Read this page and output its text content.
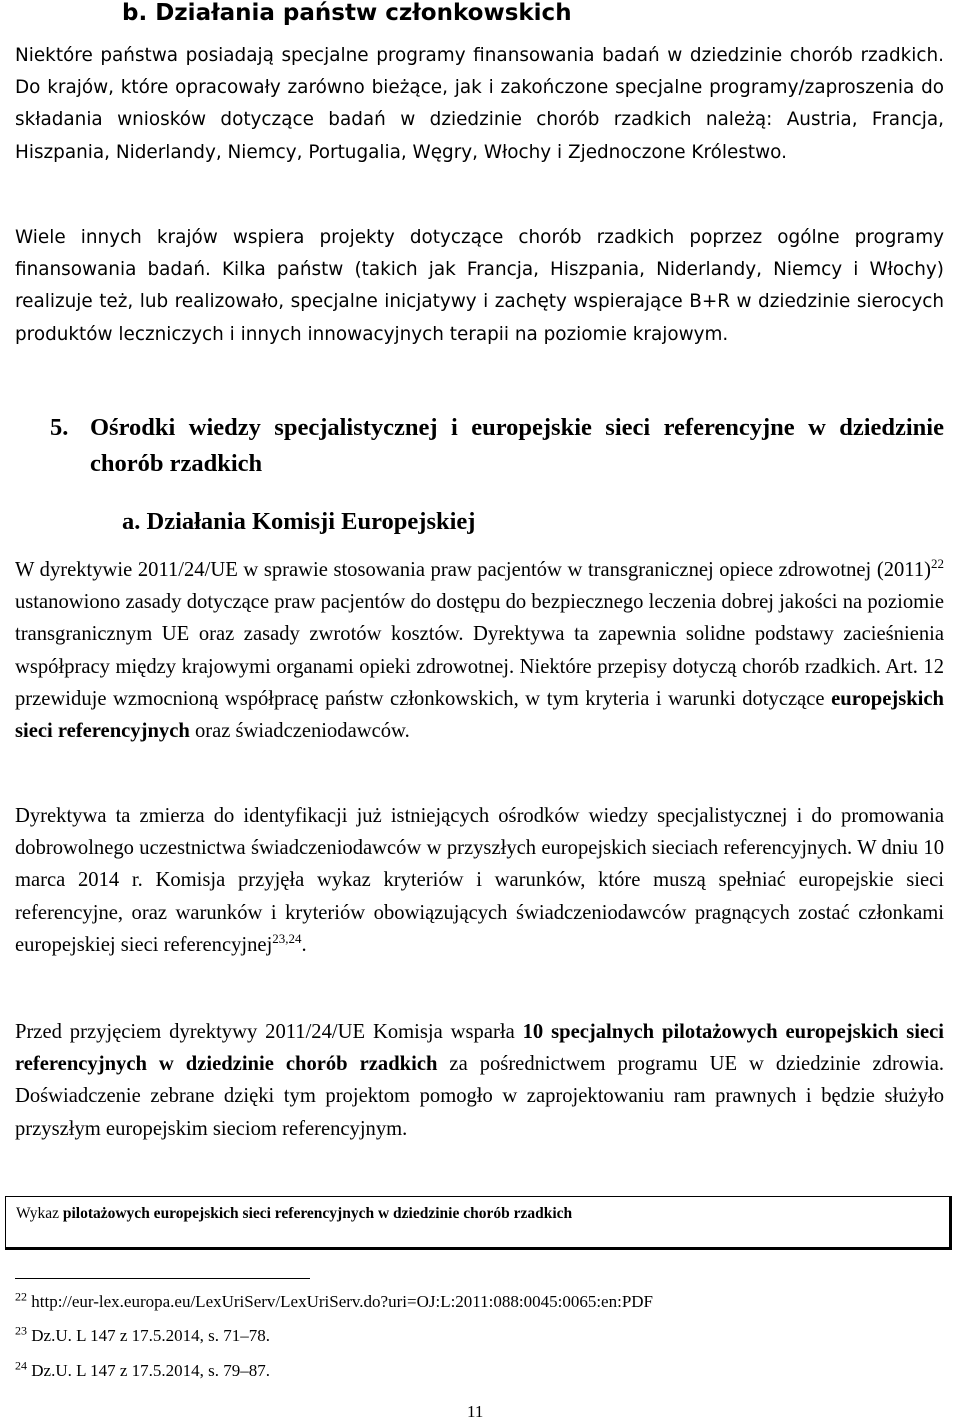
b. Działania państw członkowskich

Niektóre państwa posiadają specjalne programy finansowania badań w dziedzinie chorób rzadkich. Do krajów, które opracowały zarówno bieżące, jak i zakończone specjalne programy/zaproszenia do składania wniosków dotyczące badań w dziedzinie chorób rzadkich należą: Austria, Francja, Hiszpania, Niderlandy, Niemcy, Portugalia, Węgry, Włochy i Zjednoczone Królestwo.

Wiele innych krajów wspiera projekty dotyczące chorób rzadkich poprzez ogólne programy finansowania badań. Kilka państw (takich jak Francja, Hiszpania, Niderlandy, Niemcy i Włochy) realizuje też, lub realizowało, specjalne inicjatywy i zachęty wspierające B+R w dziedzinie sierocych produktów leczniczych i innych innowacyjnych terapii na poziomie krajowym.

5. Ośrodki wiedzy specjalistycznej i europejskie sieci referencyjne w dziedzinie chorób rzadkich
a. Działania Komisji Europejskiej

W dyrektywie 2011/24/UE w sprawie stosowania praw pacjentów w transgranicznej opiece zdrowotnej $(2011)^{22}$ ustanowiono zasady dotyczące praw pacjentów do dostępu do bezpiecznego leczenia dobrej jakości na poziomie transgranicznym UE oraz zasady zwrotów kosztów. Dyrektywa ta zapewnia solidne podstawy zacieśnienia współpracy między krajowymi organami opieki zdrowotnej. Niektóre przepisy dotyczą chorób rzadkich. Art. 12 przewiduje wzmocnioną współpracę państw członkowskich, w tym kryteria i warunki dotyczące europejskich sieci referencyjnych oraz świadczeniodawców.

Dyrektywa ta zmierza do identyfikacji już istniejących ośrodków wiedzy specjalistycznej i do promowania dobrowolnego uczestnictwa świadczeniodawców w przyszłych europejskich sieciach referencyjnych. W dniu 10 marca 2014 r. Komisja przyjęła wykaz kryteriów i warunków, które muszą spełniać europejskie sieci referencyjne, oraz warunków i kryteriów obowiązujących świadczeniodawców pragnących zostać członkami europejskiej sieci referencyjnej$^{23,24}$.

Przed przyjęciem dyrektywy 2011/24/UE Komisja wsparła 10 specjalnych pilotażowych europejskich sieci referencyjnych w dziedzinie chorób rzadkich za pośrednictwem programu UE w dziedzinie zdrowia. Doświadczenie zebrane dzięki tym projektom pomogło w zaprojektowaniu ram prawnych i będzie służyło przyszłym europejskim sieciom referencyjnym.

Wykaz pilotażowych europejskich sieci referencyjnych w dziedzinie chorób rzadkich
$^{22}$ http://eur-lex.europa.eu/LexUriServ/LexUriServ.do?uri=OJ:L:2011:088:0045:0065:en:PDF
$^{23}$ Dz.U. L 147 z 17.5.2014, s. 71–78.
$^{24}$ Dz.U. L 147 z 17.5.2014, s. 79–87.
11
